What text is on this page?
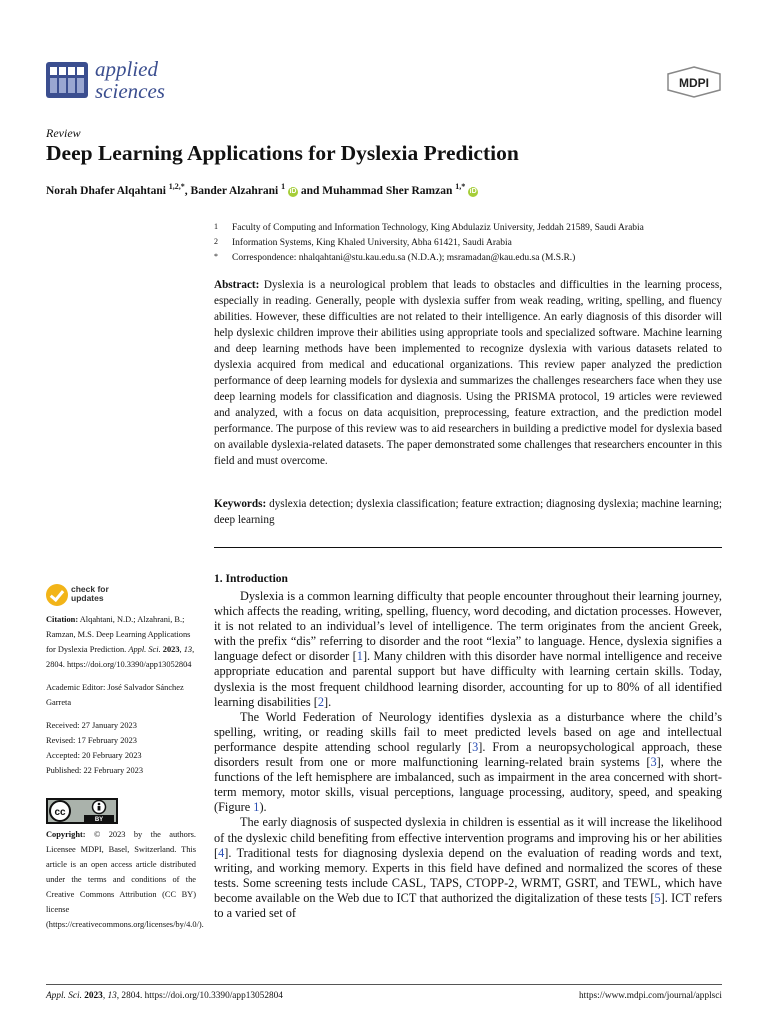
applied
sciences	MDPI
Review
Deep Learning Applications for Dyslexia Prediction
Norah Dhafer Alqahtani $^{1,2,*}$, Bander Alzahrani $^1$ iD and Muhammad Sher Ramzan $^{1,*}$ iD
1 Faculty of Computing and Information Technology, King Abdulaziz University, Jeddah 21589, Saudi Arabia
2 Information Systems, King Khaled University, Abha 61421, Saudi Arabia
* Correspondence: nhalqahtani@stu.kau.edu.sa (N.D.A.); msramadan@kau.edu.sa (M.S.R.)
Abstract: Dyslexia is a neurological problem that leads to obstacles and difficulties in the learning process, especially in reading. Generally, people with dyslexia suffer from weak reading, writing, spelling, and fluency abilities. However, these difficulties are not related to their intelligence. An early diagnosis of this disorder will help dyslexic children improve their abilities using appropriate tools and specialized software. Machine learning and deep learning methods have been implemented to recognize dyslexia with various datasets related to dyslexia acquired from medical and educational organizations. This review paper analyzed the prediction performance of deep learning models for dyslexia and summarizes the challenges researchers face when they use deep learning models for classification and diagnosis. Using the PRISMA protocol, 19 articles were reviewed and analyzed, with a focus on data acquisition, preprocessing, feature extraction, and the prediction model performance. The purpose of this review was to aid researchers in building a predictive model for dyslexia based on available dyslexia-related datasets. The paper demonstrated some challenges that researchers encounter in this field and must overcome.
Keywords: dyslexia detection; dyslexia classification; feature extraction; diagnosing dyslexia; machine learning; deep learning
check for
updates
Citation: Alqahtani, N.D.; Alzahrani, B.; Ramzan, M.S. Deep Learning Applications for Dyslexia Prediction. Appl. Sci. 2023, 13, 2804. https://doi.org/10.3390/app13052804
Academic Editor: José Salvador Sánchez Garreta
Received: 27 January 2023
Revised: 17 February 2023
Accepted: 20 February 2023
Published: 22 February 2023
cc
BY
Copyright: © 2023 by the authors. Licensee MDPI, Basel, Switzerland. This article is an open access article distributed under the terms and conditions of the Creative Commons Attribution (CC BY) license (https://creativecommons.org/licenses/by/4.0/).
1. Introduction

Dyslexia is a common learning difficulty that people encounter throughout their learning journey, which affects the reading, writing, spelling, fluency, word decoding, and dictation processes. However, it is not related to an individual’s level of intelligence. The term originates from the ancient Greek, with the prefix “dis” referring to disorder and the root “lexia” to language. Hence, dyslexia signifies a language defect or disorder [1]. Many children with this disorder have normal intelligence and receive appropriate education and parental support but have difficulty with learning certain skills. Today, dyslexia is the most frequent childhood learning disorder, accounting for up to 80% of all identified learning disabilities [2].

The World Federation of Neurology identifies dyslexia as a disturbance where the child’s spelling, writing, or reading skills fail to meet predicted levels based on age and intellectual performance despite attending school regularly [3]. From a neuropsychological approach, these disorders result from one or more malfunctioning learning-related brain systems [3], where the functions of the left hemisphere are imbalanced, such as impairment in the area concerned with short-term memory, motor skills, visual perceptions, language processing, auditory, speed, and speaking (Figure 1).

The early diagnosis of suspected dyslexia in children is essential as it will increase the likelihood of the dyslexic child benefiting from effective intervention programs and improving his or her abilities [4]. Traditional tests for diagnosing dyslexia depend on the evaluation of reading words and text, writing, and working memory. Experts in this field have defined and normalized the scores of these tests. Some screening tests include CASL, TAPS, CTOPP-2, WRMT, GSRT, and TEWL, which have become available on the Web due to ICT that authorized the digitalization of these tests [5]. ICT refers to a varied set of

Appl. Sci. 2023, 13, 2804. https://doi.org/10.3390/app13052804	https://www.mdpi.com/journal/applsci
